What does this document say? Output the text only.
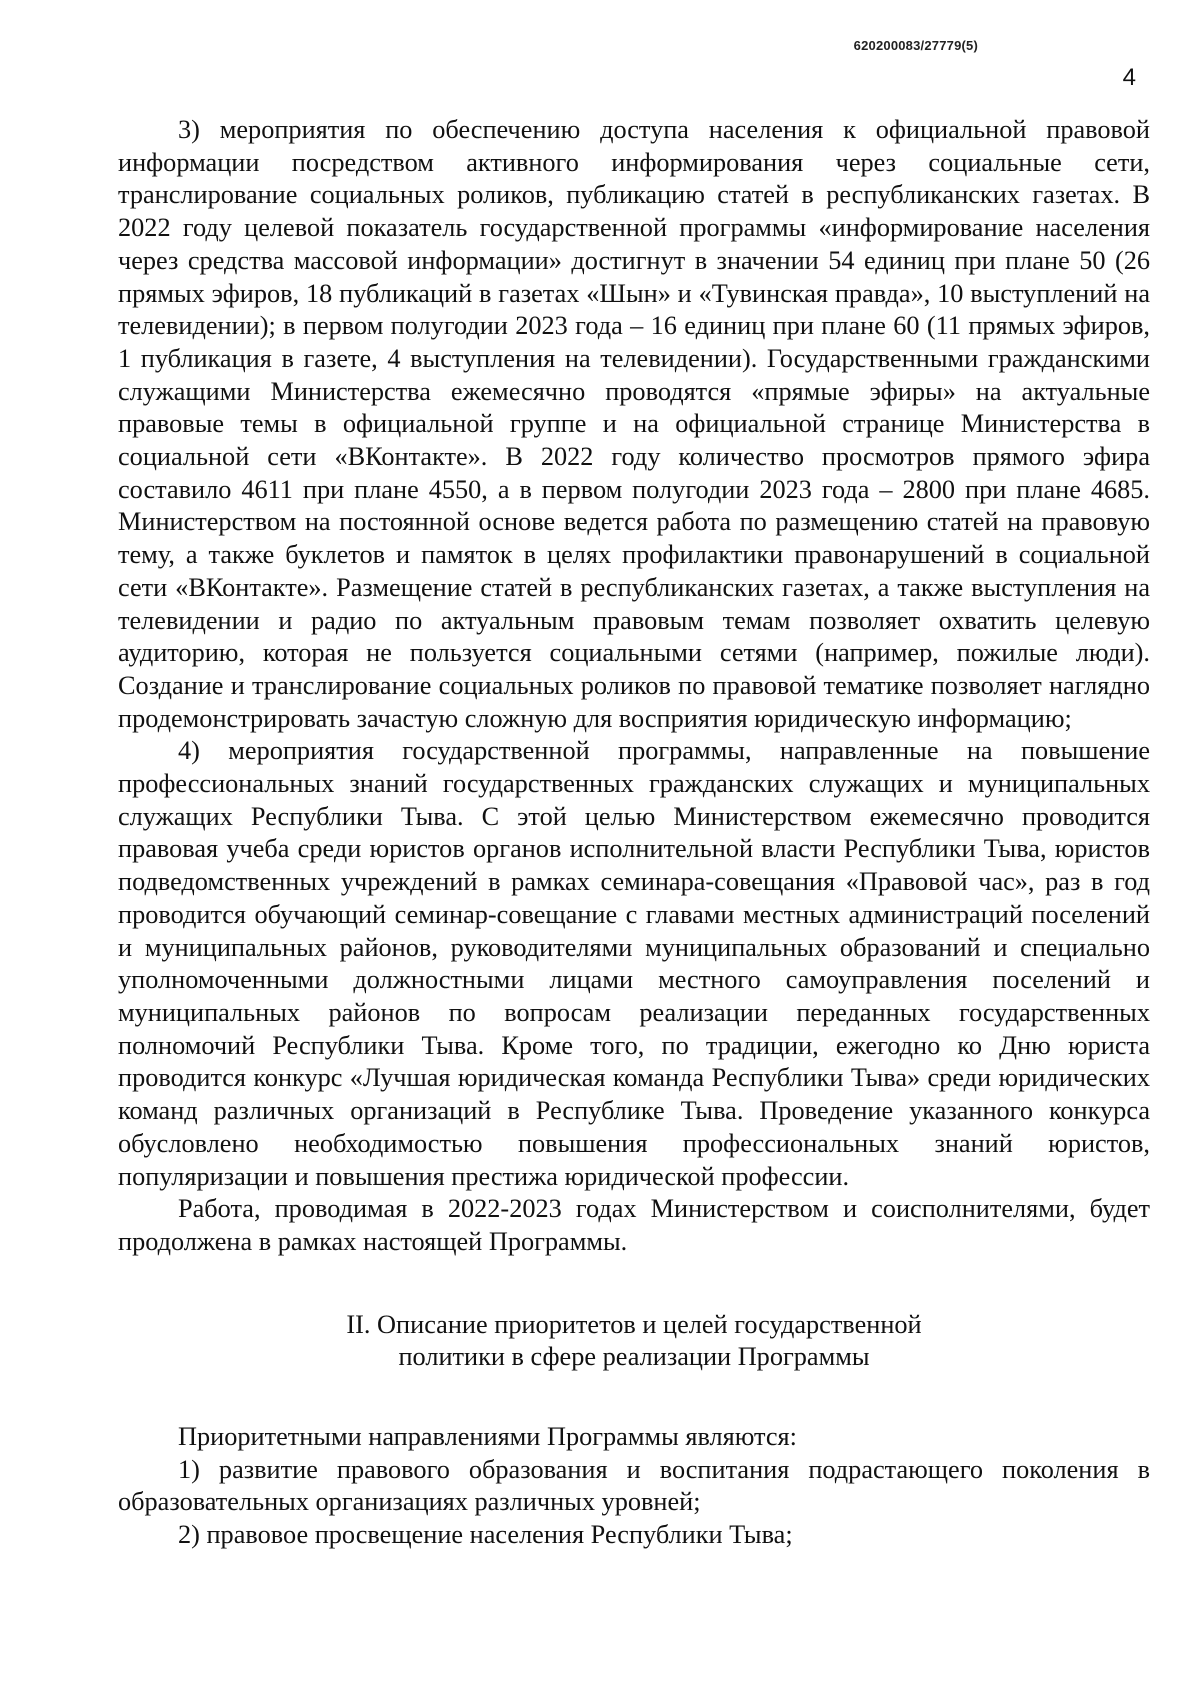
620200083/27779(5)
4

3) мероприятия по обеспечению доступа населения к официальной правовой информации посредством активного информирования через социальные сети, транслирование социальных роликов, публикацию статей в республиканских газетах. В 2022 году целевой показатель государственной программы «информирование населения через средства массовой информации» достигнут в значении 54 единиц при плане 50 (26 прямых эфиров, 18 публикаций в газетах «Шын» и «Тувинская правда», 10 выступлений на телевидении); в первом полугодии 2023 года – 16 единиц при плане 60 (11 прямых эфиров, 1 публикация в газете, 4 выступления на телевидении). Государственными гражданскими служащими Министерства ежемесячно проводятся «прямые эфиры» на актуальные правовые темы в официальной группе и на официальной странице Министерства в социальной сети «ВКонтакте». В 2022 году количество просмотров прямого эфира составило 4611 при плане 4550, а в первом полугодии 2023 года – 2800 при плане 4685. Министерством на постоянной основе ведется работа по размещению статей на правовую тему, а также буклетов и памяток в целях профилактики правонарушений в социальной сети «ВКонтакте». Размещение статей в республиканских газетах, а также выступления на телевидении и радио по актуальным правовым темам позволяет охватить целевую аудиторию, которая не пользуется социальными сетями (например, пожилые люди). Создание и транслирование социальных роликов по правовой тематике позволяет наглядно продемонстрировать зачастую сложную для восприятия юридическую информацию;

4) мероприятия государственной программы, направленные на повышение профессиональных знаний государственных гражданских служащих и муниципальных служащих Республики Тыва. С этой целью Министерством ежемесячно проводится правовая учеба среди юристов органов исполнительной власти Республики Тыва, юристов подведомственных учреждений в рамках семинара-совещания «Правовой час», раз в год проводится обучающий семинар-совещание с главами местных администраций поселений и муниципальных районов, руководителями муниципальных образований и специально уполномоченными должностными лицами местного самоуправления поселений и муниципальных районов по вопросам реализации переданных государственных полномочий Республики Тыва. Кроме того, по традиции, ежегодно ко Дню юриста проводится конкурс «Лучшая юридическая команда Республики Тыва» среди юридических команд различных организаций в Республике Тыва. Проведение указанного конкурса обусловлено необходимостью повышения профессиональных знаний юристов, популяризации и повышения престижа юридической профессии.

Работа, проводимая в 2022-2023 годах Министерством и соисполнителями, будет продолжена в рамках настоящей Программы.

II. Описание приоритетов и целей государственной
политики в сфере реализации Программы

Приоритетными направлениями Программы являются:

1) развитие правового образования и воспитания подрастающего поколения в образовательных организациях различных уровней;

2) правовое просвещение населения Республики Тыва;
